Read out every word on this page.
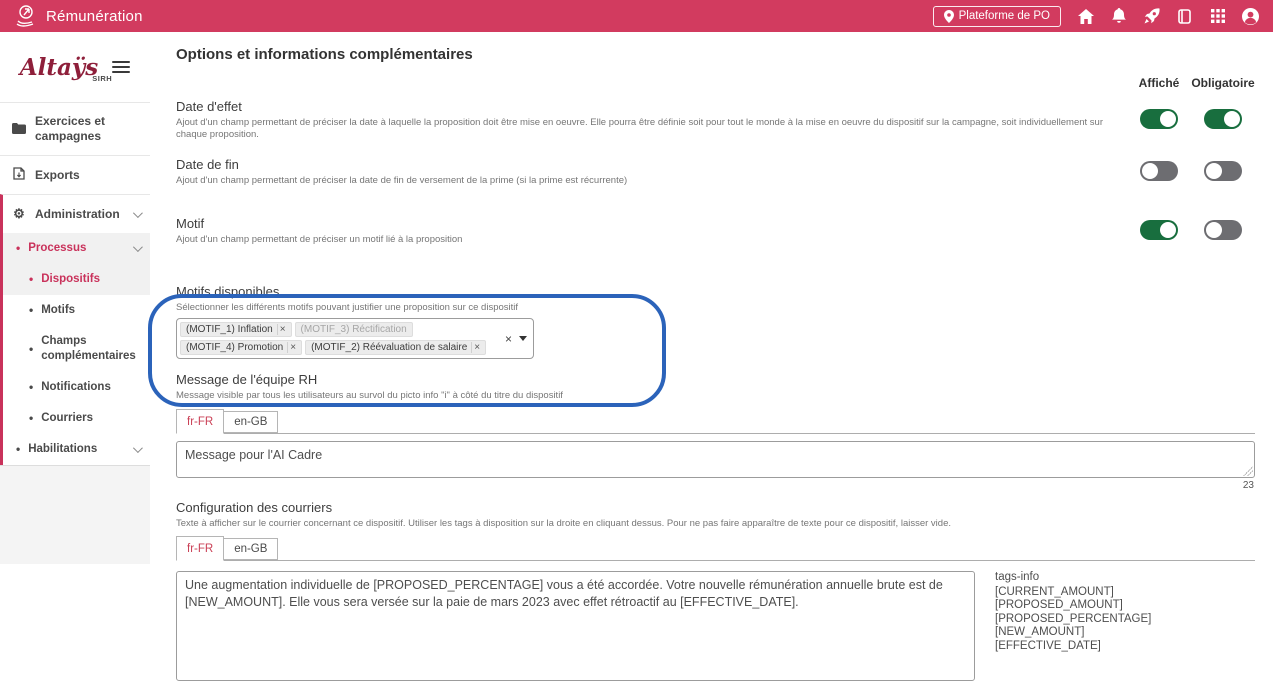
Rémunération	Plateforme de PO
Altaÿs
SIRH
Exercices et campagnes
Exports
⚙ Administration
• Processus
• Dispositifs
• Motifs
•
Champs complémentaires
• Notifications
• Courriers
• Habilitations
Options et informations complémentaires
Affiché	Obligatoire
Date d'effet
Ajout d'un champ permettant de préciser la date à laquelle la proposition doit être mise en oeuvre. Elle pourra être définie soit pour tout le monde à la mise en oeuvre du dispositif sur la campagne, soit individuellement sur chaque proposition.
Date de fin
Ajout d'un champ permettant de préciser la date de fin de versement de la prime (si la prime est récurrente)
Motif
Ajout d'un champ permettant de préciser un motif lié à la proposition
Motifs disponibles
Sélectionner les différents motifs pouvant justifier une proposition sur ce dispositif
(MOTIF_1) Inflation × (MOTIF_3) Réctification
(MOTIF_4) Promotion × (MOTIF_2) Réévaluation de salaire ×
×
Message de l'équipe RH
Message visible par tous les utilisateurs au survol du picto info "i" à côté du titre du dispositif
fr-FR	en-GB
Message pour l'AI Cadre
23
Configuration des courriers
Texte à afficher sur le courrier concernant ce dispositif. Utiliser les tags à disposition sur la droite en cliquant dessus. Pour ne pas faire apparaître de texte pour ce dispositif, laisser vide.
fr-FR	en-GB
Une augmentation individuelle de [PROPOSED_PERCENTAGE] vous a été accordée. Votre nouvelle rémunération annuelle brute est de [NEW_AMOUNT]. Elle vous sera versée sur la paie de mars 2023 avec effet rétroactif au [EFFECTIVE_DATE].
tags-info
[CURRENT_AMOUNT]
[PROPOSED_AMOUNT]
[PROPOSED_PERCENTAGE]
[NEW_AMOUNT]
[EFFECTIVE_DATE]
